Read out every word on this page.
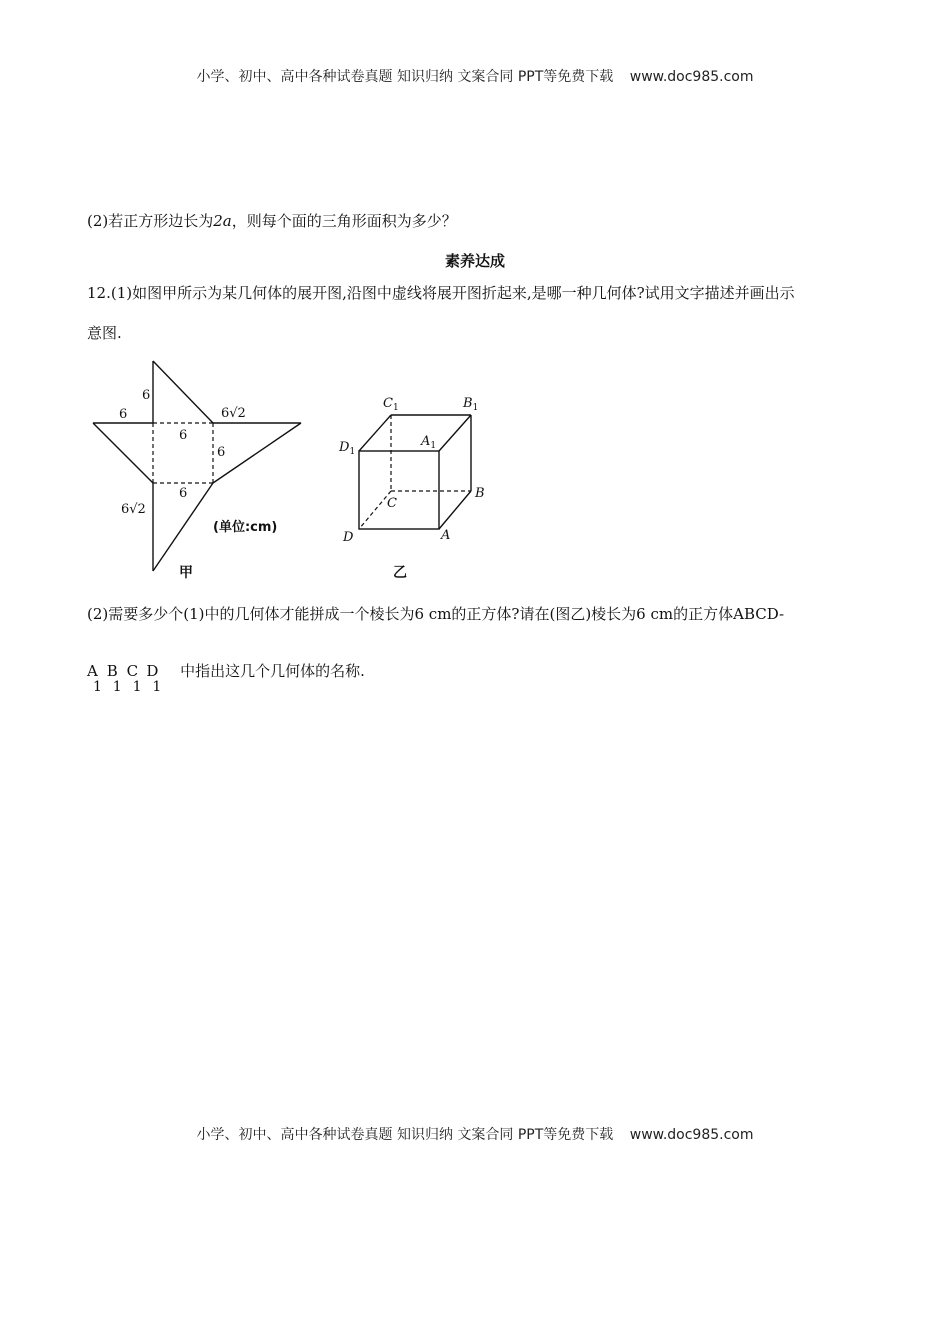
小学、初中、高中各种试卷真题 知识归纳 文案合同 PPT等免费下载 www.doc985.com
(2)若正方形边长为2a，则每个面的三角形面积为多少？
素养达成
12.(1)如图甲所示为某几何体的展开图,沿图中虚线将展开图折起来,是哪一种几何体?试用文字描述并画出示
意图.
6
6	6√2
6
6
6
6√2
(单位:cm)
甲
$C_1$	$B_1$
$D_1$
$A_1$
C
B
D	A
乙
(2)需要多少个(1)中的几何体才能拼成一个棱长为6 cm的正方体?请在(图乙)棱长为6 cm的正方体ABCD-
A
1
B
1
C
1
D
1
中指出这几个几何体的名称.
小学、初中、高中各种试卷真题 知识归纳 文案合同 PPT等免费下载 www.doc985.com
